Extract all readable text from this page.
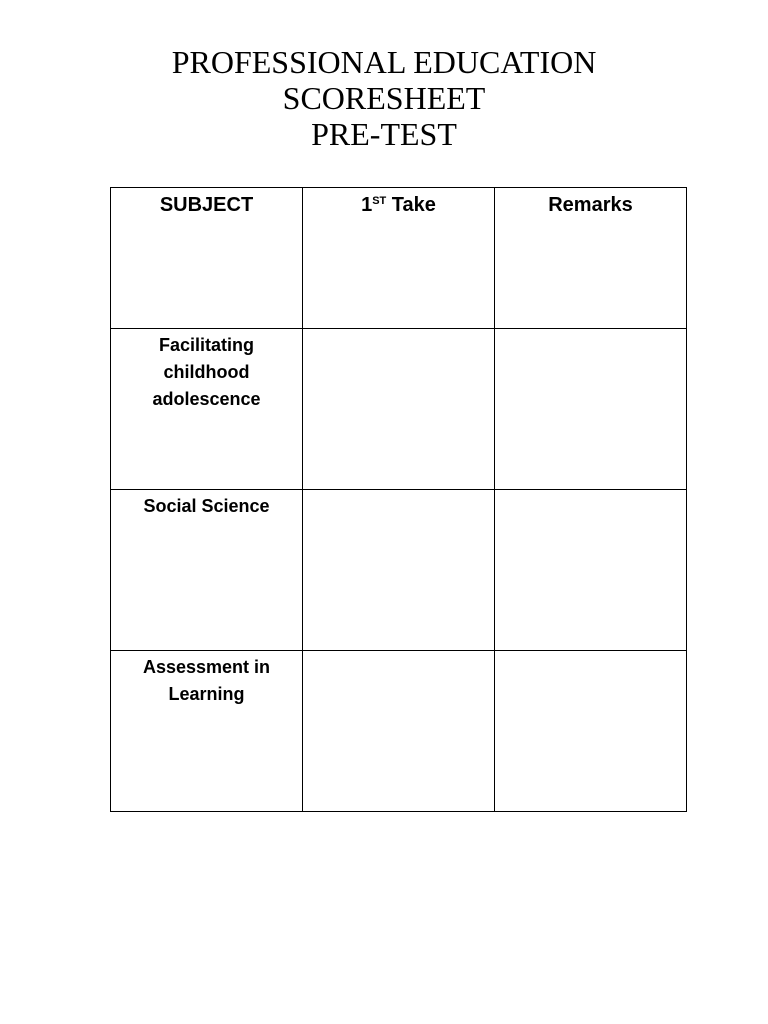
PROFESSIONAL EDUCATION
SCORESHEET
PRE-TEST
SUBJECT	1ST Take	Remarks

Facilitating childhood adolescence		

Social Science		

Assessment in Learning		
